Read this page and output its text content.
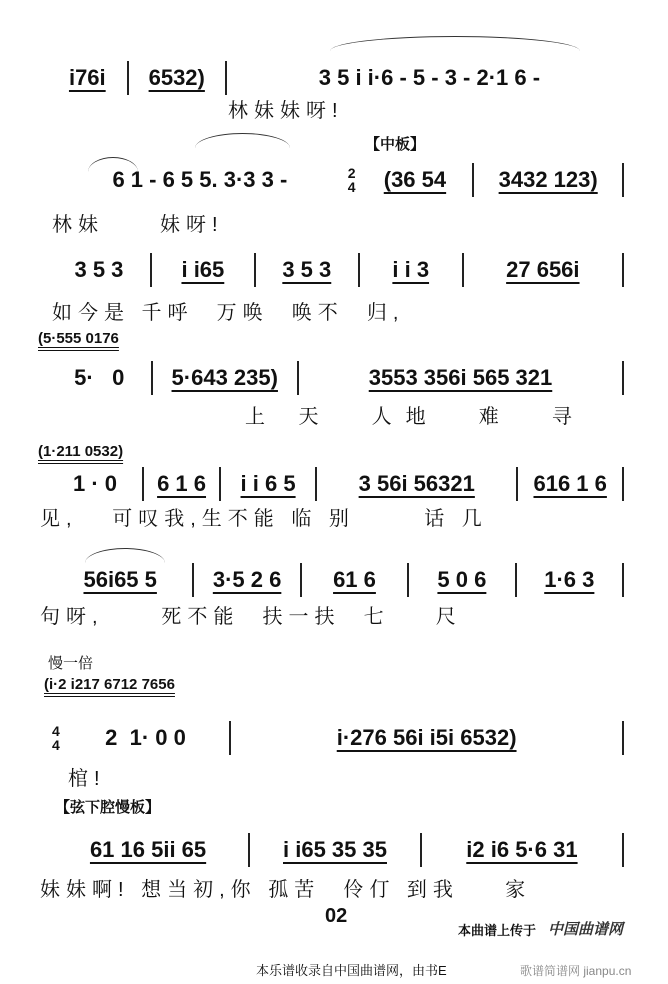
i76i	6532)	3 5 i i·6 - 5 - 3 - 2·1 6 -
林妹妹呀!
【中板】
6 1 - 6 5 5. 3·3 3 -	2
4	(36 54	3432 123)
林妹	妹呀!
3 5 3	i i65	3 5 3	i i 3	27 656i
如今是 千呼  万唤  唤不  归,
(5·555 0176
5·   0	5·643 235)	3553 356i 565 321
上 天  人地  难  寻
(1·211 0532)
1 · 0	6 1 6	i i 6 5	3 56i 56321	616 1 6
见,   可叹我,生不能 临 别      话 几
56i65 5	3·5 2 6	61 6	5 0 6	1·6 3
句呀,     死不能  扶一扶  七    尺
慢一倍
(i·2 i217 6712 7656
4
4	2  1· 0 0	i·276 56i i5i 6532)
棺!
【弦下腔慢板】
61 16 5ii 65	i i65 35 35	i2 i6 5·6 31
妹妹啊! 想当初,你 孤苦  伶仃 到我    家
02
本曲谱上传于 中国曲谱网
本乐谱收录自中国曲谱网，由书E	歌谱简谱网 jianpu.cn
